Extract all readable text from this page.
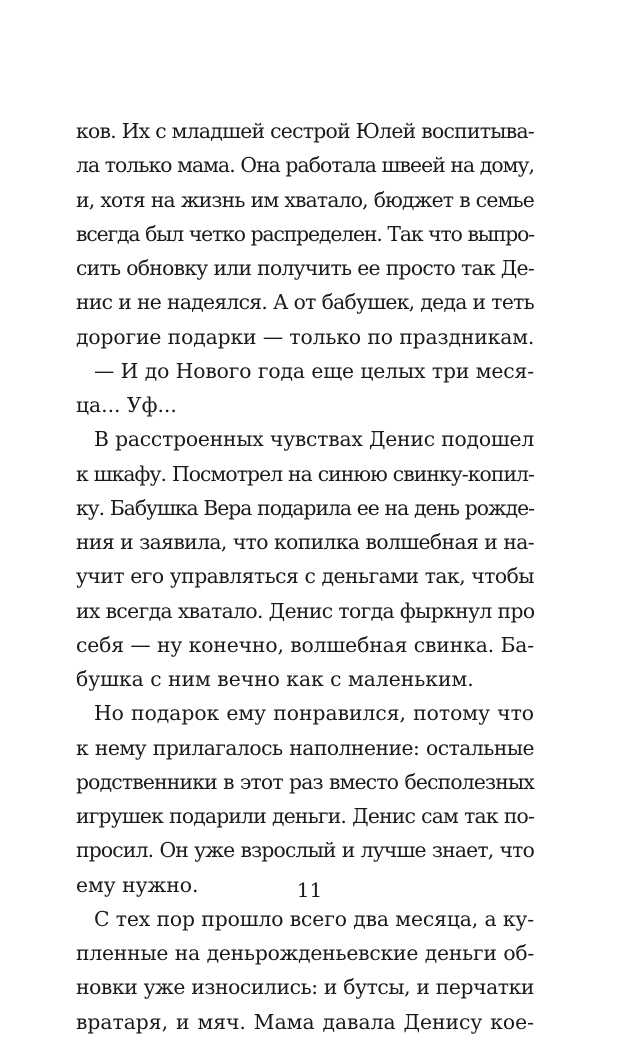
ков. Их с младшей сестрой Юлей воспитыва-
ла только мама. Она работала швеей на дому,
и, хотя на жизнь им хватало, бюджет в семье
всегда был четко распределен. Так что выпро-
сить обновку или получить ее просто так Де-
нис и не надеялся. А от бабушек, деда и теть
дорогие подарки — только по праздникам.
— И до Нового года еще целых три меся-
ца... Уф...
В расстроенных чувствах Денис подошел
к шкафу. Посмотрел на синюю свинку-копил-
ку. Бабушка Вера подарила ее на день рожде-
ния и заявила, что копилка волшебная и на-
учит его управляться с деньгами так, чтобы
их всегда хватало. Денис тогда фыркнул про
себя — ну конечно, волшебная свинка. Ба-
бушка с ним вечно как с маленьким.
Но подарок ему понравился, потому что
к нему прилагалось наполнение: остальные
родственники в этот раз вместо бесполезных
игрушек подарили деньги. Денис сам так по-
просил. Он уже взрослый и лучше знает, что
ему нужно.
С тех пор прошло всего два месяца, а ку-
пленные на деньрожденьевские деньги об-
новки уже износились: и бутсы, и перчатки
вратаря, и мяч. Мама давала Денису кое-
11
